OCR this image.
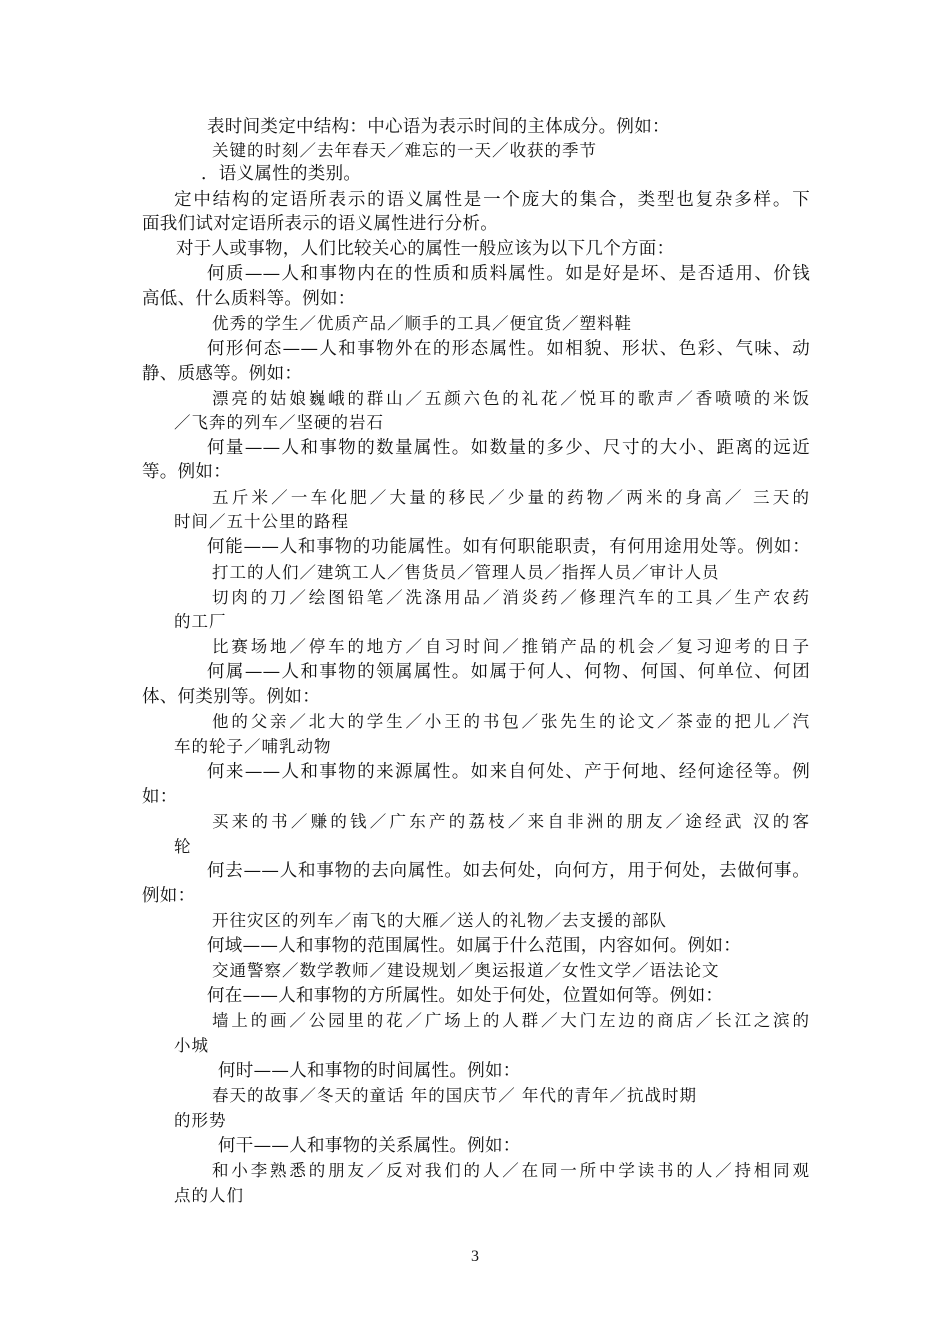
表时间类定中结构：中心语为表示时间的主体成分。例如：
关键的时刻／去年春天／难忘的一天／收获的季节
．语义属性的类别。
定中结构的定语所表示的语义属性是一个庞大的集合，类型也复杂多样。下
面我们试对定语所表示的语义属性进行分析。
对于人或事物，人们比较关心的属性一般应该为以下几个方面：
何质——人和事物内在的性质和质料属性。如是好是坏、是否适用、价钱
高低、什么质料等。例如：
优秀的学生／优质产品／顺手的工具／便宜货／塑料鞋
何形何态——人和事物外在的形态属性。如相貌、形状、色彩、气味、动
静、质感等。例如：
漂亮的姑娘巍峨的群山／五颜六色的礼花／悦耳的歌声／香喷喷的米饭
／飞奔的列车／坚硬的岩石
何量——人和事物的数量属性。如数量的多少、尺寸的大小、距离的远近
等。例如：
五斤米／一车化肥／大量的移民／少量的药物／两米的身高／ 三天的
时间／五十公里的路程
何能——人和事物的功能属性。如有何职能职责，有何用途用处等。例如：
打工的人们／建筑工人／售货员／管理人员／指挥人员／审计人员
切肉的刀／绘图铅笔／洗涤用品／消炎药／修理汽车的工具／生产农药
的工厂
比赛场地／停车的地方／自习时间／推销产品的机会／复习迎考的日子
何属——人和事物的领属属性。如属于何人、何物、何国、何单位、何团
体、何类别等。例如：
他的父亲／北大的学生／小王的书包／张先生的论文／茶壶的把儿／汽
车的轮子／哺乳动物
何来——人和事物的来源属性。如来自何处、产于何地、经何途径等。例
如：
买来的书／赚的钱／广东产的荔枝／来自非洲的朋友／途经武 汉的客
轮
何去——人和事物的去向属性。如去何处，向何方，用于何处，去做何事。
例如：
开往灾区的列车／南飞的大雁／送人的礼物／去支援的部队
何域——人和事物的范围属性。如属于什么范围，内容如何。例如：
交通警察／数学教师／建设规划／奥运报道／女性文学／语法论文
何在——人和事物的方所属性。如处于何处，位置如何等。例如：
墙上的画／公园里的花／广场上的人群／大门左边的商店／长江之滨的
小城
何时——人和事物的时间属性。例如：
春天的故事／冬天的童话 年的国庆节／ 年代的青年／抗战时期
的形势
何干——人和事物的关系属性。例如：
和小李熟悉的朋友／反对我们的人／在同一所中学读书的人／持相同观
点的人们
3
